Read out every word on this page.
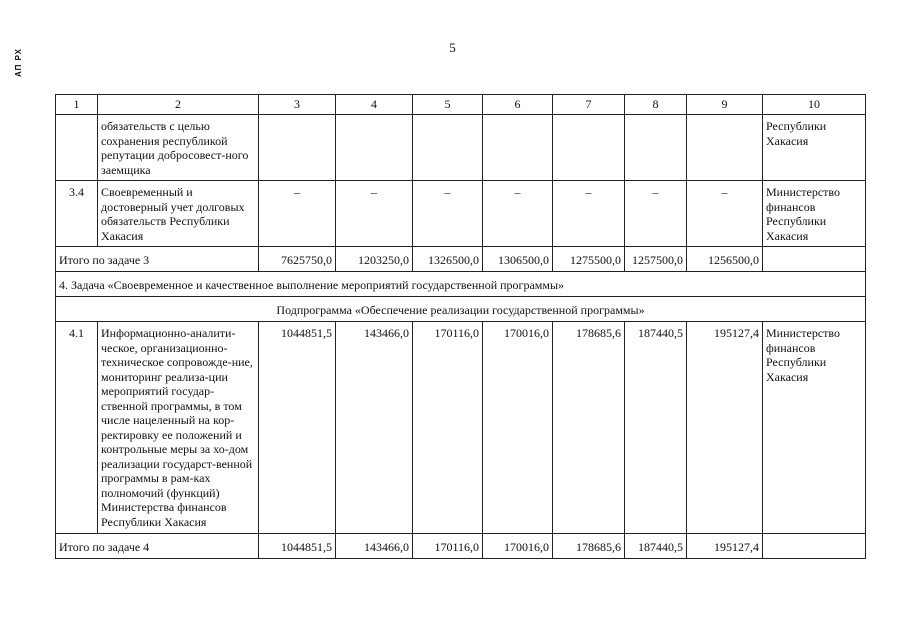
АП РХ
5
1	2	3	4	5	6	7	8	9	10
	обязательств с целью сохранения республикой репутации добросовест-ного заемщика								Республики Хакасия
3.4	Своевременный и достоверный учет долговых обязательств Республики Хакасия	–	–	–	–	–	–	–	Министерство финансов Республики Хакасия
Итого по задаче 3		7625750,0	1203250,0	1326500,0	1306500,0	1275500,0	1257500,0	1256500,0	
4. Задача «Своевременное и качественное выполнение мероприятий государственной программы»									
Подпрограмма «Обеспечение реализации государственной программы»									
4.1	Информационно-аналити-ческое, организационно-техническое сопровожде-ние, мониторинг реализа-ции мероприятий государ-ственной программы, в том числе нацеленный на кор-ректировку ее положений и контрольные меры за хо-дом реализации государст-венной программы в рам-ках полномочий (функций) Министерства финансов Республики Хакасия	1044851,5	143466,0	170116,0	170016,0	178685,6	187440,5	195127,4	Министерство финансов Республики Хакасия
Итого по задаче 4		1044851,5	143466,0	170116,0	170016,0	178685,6	187440,5	195127,4	
